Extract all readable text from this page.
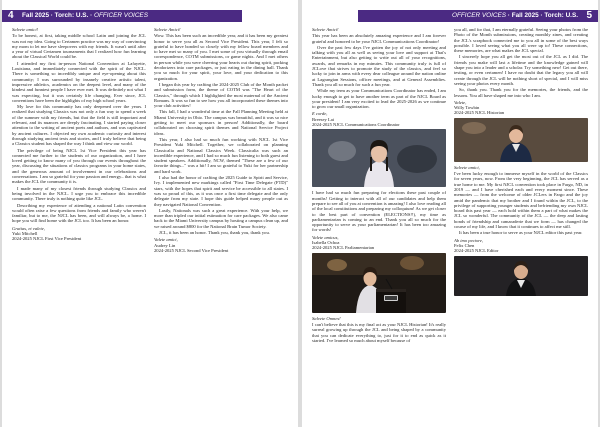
4 Fall 2025 · Torch: U.S. · OFFICER VOICES

Salvete amici!

To be honest, at first, taking middle school Latin and joining the JCL was not my idea. Going to Certamen practice was my way of convincing my mom to let me have sleepovers with my friends. It wasn't until after a year of virtual Certamen tournaments that I realized how fun learning about the Classical World could be.

I attended my first in-person National Convention at Lafayette, Louisiana, and immediately connected with the spirit of the NJCL. There is something so incredibly unique and eye-opening about this community; I was surrounded by insanely creative artistic talent, impressive athletics, academics on the deepest level, and many of the kindest and funniest people I have ever met. It was definitely not what I was expecting, but it was certainly life changing. Ever since, JCL conventions have been the highlights of my high school years.

My love for this community has only deepened over the years. I realized that studying Classics was not only a fun way to spend a week of the summer with my friends, but that the field is still important and relevant, and its nuances are deeply fascinating. I started paying closer attention to the writing of ancient poets and authors, and was captivated by ancient cultures. I objected my own academic curiosity and interest through studying ancient texts and stories, and I truly believe that being a Classics student has shaped the way I think and view our world.

The privilege of being NJCL 1st Vice President this year has connected me further to the students of our organization, and I have loved getting to know many of you through our events throughout the year, discussing the situations of classics programs in your home states, and the generous amount of involvement in our celebrations and conversations. I am so grateful for your passion and energy– that is what makes the JCL the community it is.

I made many of my closest friends through studying Classics and being involved in the NJCL. I urge you to embrace this incredible community. There truly is nothing quite like JCL.

Describing my experience of attending a national Latin convention would often raise a few questions from friends and family who weren't familiar, but to me, the NJCL has been, and will always be, a home. I hope you will find home with the JCL too. It has been an honor.

Gratias, et valete,
Yuki Mitchell
2024-2025 NJCL First Vice President

Salvete Amici!

Wow. This has been such an incredible year, and it has been my greatest honor to serve you all as Second Vice President. This year, I felt so grateful to have bonded so closely with my fellow board members and to have met so many of you. I met some of you virtually through email correspondence, COTM submissions, or game nights. And I met others in person while you were cheering your hearts out during spirit, packing deodorizers into care packages, or just eating in the dining hall. Thank you so much for your spirit, your love, and your dedication to this organization.

I began this year by crafting the 2024-2025 Club of the Month packet and submission form, the theme of COTM was "The Heart of the Classics," through which I highlighted the most maternal of the Ancient Romans. It was so fun to see how you all incorporated these themes into your club activities!

This fall, I had a wonderful time at the Fall Planning Meeting held at Miami University in Ohio. The campus was beautiful, and it was so nice getting to meet our sponsors in person! Additionally, the board collaborated on choosing spirit themes and National Service Project ideas.

This year, I also had so much fun working with NJCL 1st Vice President Yuki Mitchell. Together, we collaborated on planning Classicalia and National Classics Week. Classicalia was such an incredible experience, and I had so much fun listening to both guest and student speakers. Additionally, NCW, themed "These are a few of our favorite things..." was a hit! I am so grateful to Yuki for her partnership and hard work.

I also had the honor of crafting the 2025 Guide to Spirit and Service, Ivy. I implemented new markings called "First Time Delegate (FTD)" stars, with the hopes that spirit and service be accessible to all states. I was so proud of this, as it was once a first time delegate and the only delegate from my state. I hope this guide helped many people out as they navigated National Convention.

Lastly, Nationals was such a great experience. With your help, we more than tripled our initial estimation for care packages. We also came back to the Miami University campus by hosting a campus clean up, and we raised around $800 for the National Brain Tumor Society.

JCL, it has been an honor. Thank you, thank you, thank you.

Valete amici,
Audrey Lin
2024-2025 NJCL Second Vice President
OFFICER VOICES · Fall 2025 · Torch: U.S. 5

Salvete Amici!

This year has been an absolutely amazing experience and I am forever grateful and honored to be your NJCL Communications Coordinator!

Over the past few days I've gotten the joy of not only meeting and talking with you all as well as seeing your love and support at Thai's Entertainment, but also getting to write out all of your recognitions, awards, and remarks in my minutes. This community truly is full of JCLove that strives to promote the study of the classics, and feel so lucky to join in arms with every dear colleague around the nation online at Lagrangian Sessions, officer meetings, and at General Assemblies. Thank you all so much for such a fun year.

While my term as your Communications Coordinator has ended, I am lucky enough to get to have another term as part of the NJCL Board as your president! I am very excited to lead the 2025-2026 as we continue to grow our small organization.

E corde,
Breesey Lai
2024-2025 NJCL Communications Coordinator

I have had so much fun preparing for elections these past couple of months! Getting to interact with all of our candidates and help them prepare to see all of you at convention is amazing! I also love reading all of the local constitutions and preparing my colloquium! As we get closer to the best part of convention (ELECTIONS!!), my time as parliamentarian is coming to an end. Thank you all so much for the opportunity to serve as your parliamentarian! It has been too amazing for words!

Valete amicus,
Isabella Ochoa
2024-2025 NJCL Parliamentarian

Salvete Omnes!

I can't believe that this is my final act as your NJCL Historian! It's really surreal growing up through the JCL and being shaped by a community that you can dedicate everything to, just for it to end as quick as it started. I've learned so much about myself because of

you all, and for that, I am eternally grateful. Seeing your photos from the Photo of the Month submissions, creating monthly zines, and creating the JCL's scrapbook connected me to you all in some of the best ways possible. I loved seeing what you all were up to! These connections, these memories, are what makes the JCL special.

I sincerely hope you all get the most out of the JCL as I did. The friends you make will last a lifetime and the knowledge gained will shape you into a leader and a scholar. Try something new! Get out there, testing, or even certamen! I have no doubt that the legacy you all will create through the JCL will be nothing short of special, and I will miss seeing your photos every month.

So, thank you. Thank you for the memories, the friends, and the lessons. You all have shaped me into who I am.

Valete,
Willy Towbin
2024-2025 NJCL Historian

Salvete amici,

I've been lucky enough to immerse myself in the world of the Classics for seven years, now. From the very beginning, the JCL has served as a true home to me. My first NJCL convention took place in Fargo, ND, in 2019 — and I have cherished each and every moment since. These memories — from the welcome of older JCLers in Fargo and the joy amid the pandemic that my brother and I found within the JCL, to the privilege of supporting younger students and befriending my own NJCL board this past year — each hold within them a part of what makes the JCL so wonderful. The community of the JCL — the deep and lasting bonds of friendship and camaraderie that we form — has changed the course of my life, and I know that it continues to affect me still.

It has been a true honor to serve as your NJCL editor this past year.

Ab imo pectore,
Felix Chen
2024-2025 NJCL Editor
